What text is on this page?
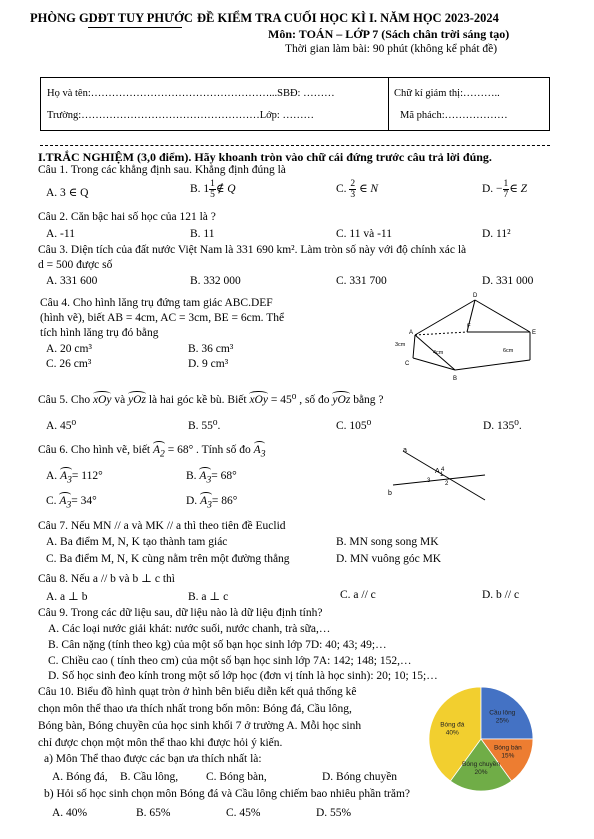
PHÒNG GDĐT TUY PHƯỚC ĐỀ KIỂM TRA CUỐI HỌC KÌ I. NĂM HỌC 2023-2024
Môn: TOÁN – LỚP 7 (Sách chân trời sáng tạo)
Thời gian làm bài: 90 phút (không kể phát đề)
Họ và tên:……………………………………………...SBĐ: ………
Trường:……………………………………………Lớp: ………
Chữ kí giám thị:………..
Mã phách:………………
I.TRẮC NGHIỆM (3,0 điểm). Hãy khoanh tròn vào chữ cái đứng trước câu trả lời đúng.
Câu 1. Trong các khẳng định sau. Khẳng định đúng là
A. 3 ∈ Q	B. $1 \frac{1}{5}$ ∉ Q	C. $\frac{2}{3}$ ∈ N	D. − $\frac{1}{7}$ ∈ Z
Câu 2. Căn bậc hai số học của 121 là ?
A. -11	B. 11	C. 11 và -11	D. 11²
Câu 3. Diện tích của đất nước Việt Nam là 331 690 km². Làm tròn số này với độ chính xác là
d = 500 được số
A. 331 600	B. 332 000	C. 331 700	D. 331 000
Câu 4. Cho hình lăng trụ đứng tam giác ABC.DEF
(hình vẽ), biết AB = 4cm, AC = 3cm, BE = 6cm. Thể
tích hình lăng trụ đó bằng
A. 20 cm³	B. 36 cm³
C. 26 cm³	D. 9 cm³
D
E
F
A
B
C
3cm
4cm	6cm
Câu 5. Cho xOy và yOz là hai góc kề bù. Biết xOy = 45⁰ , số đo yOz bằng ?
A. 45⁰	B. 55⁰.	C. 105⁰	D. 135⁰.
Câu 6. Cho hình vẽ, biết $A_2 = 68^\circ$ . Tính số đo $A_3$
A. $A_3= 112^\circ$	B. $A_3= 68^\circ$
C. $A_3= 34^\circ$	D. $A_3= 86^\circ$
a
b
A 4
3
1
2
Câu 7. Nếu MN // a và MK // a thì theo tiên đề Euclid
A. Ba điểm M, N, K tạo thành tam giác	B. MN song song MK
C. Ba điểm M, N, K cùng nằm trên một đường thẳng	D. MN vuông góc MK
Câu 8. Nếu a // b và b ⊥ c thì
A. a ⊥ b	B. a ⊥ c	C. a // c	D. b // c
Câu 9. Trong các dữ liệu sau, dữ liệu nào là dữ liệu định tính?
A. Các loại nước giải khát: nước suối, nước chanh, trà sữa,…
B. Cân nặng (tính theo kg) của một số bạn học sinh lớp 7D: 40; 43; 49;…
C. Chiều cao ( tính theo cm) của một số bạn học sinh lớp 7A: 142; 148; 152,…
D. Số học sinh đeo kính trong một số lớp học (đơn vị tính là học sinh): 20; 10; 15;…
Câu 10. Biểu đồ hình quạt tròn ở hình bên biểu diễn kết quả thống kê
chọn môn thể thao ưa thích nhất trong bốn môn: Bóng đá, Cầu lông,
Bóng bàn, Bóng chuyền của học sinh khối 7 ở trường A. Mỗi học sinh
chỉ được chọn một môn thể thao khi được hỏi ý kiến.
a) Môn Thể thao được các bạn ưa thích nhất là:
A. Bóng đá, B. Cầu lông, C. Bóng bàn,	D. Bóng chuyền
b) Hỏi số học sinh chọn môn Bóng đá và Cầu lông chiếm bao nhiêu phần trăm?
A. 40%	B. 65%	C. 45%	D. 55%
Bóng đá
40%
Cầu lông
25%
Bóng bàn
15%
Bóng chuyền
20%
